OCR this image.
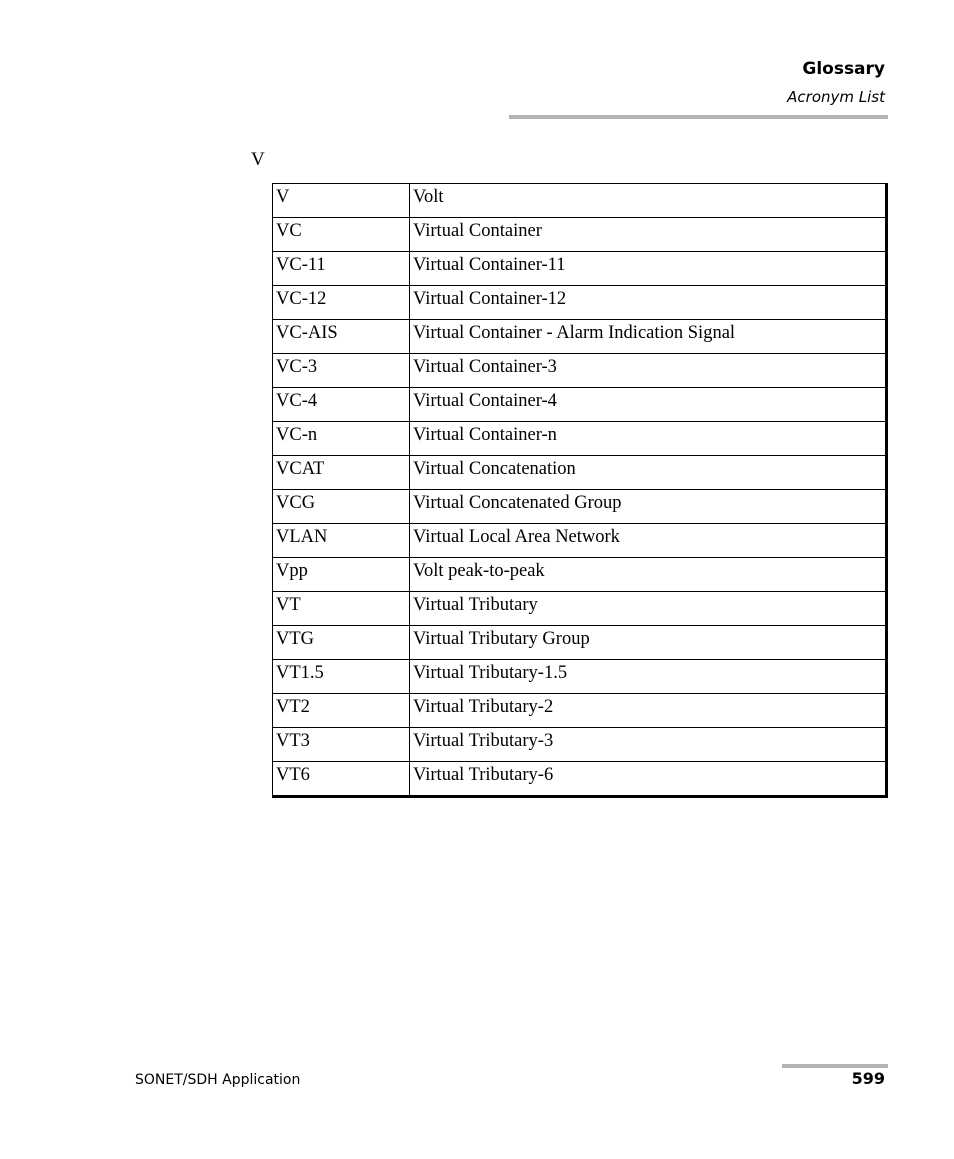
Glossary
Acronym List
V
V	Volt
VC	Virtual Container
VC-11	Virtual Container-11
VC-12	Virtual Container-12
VC-AIS	Virtual Container - Alarm Indication Signal
VC-3	Virtual Container-3
VC-4	Virtual Container-4
VC-n	Virtual Container-n
VCAT	Virtual Concatenation
VCG	Virtual Concatenated Group
VLAN	Virtual Local Area Network
Vpp	Volt peak-to-peak
VT	Virtual Tributary
VTG	Virtual Tributary Group
VT1.5	Virtual Tributary-1.5
VT2	Virtual Tributary-2
VT3	Virtual Tributary-3
VT6	Virtual Tributary-6
SONET/SDH Application	599
